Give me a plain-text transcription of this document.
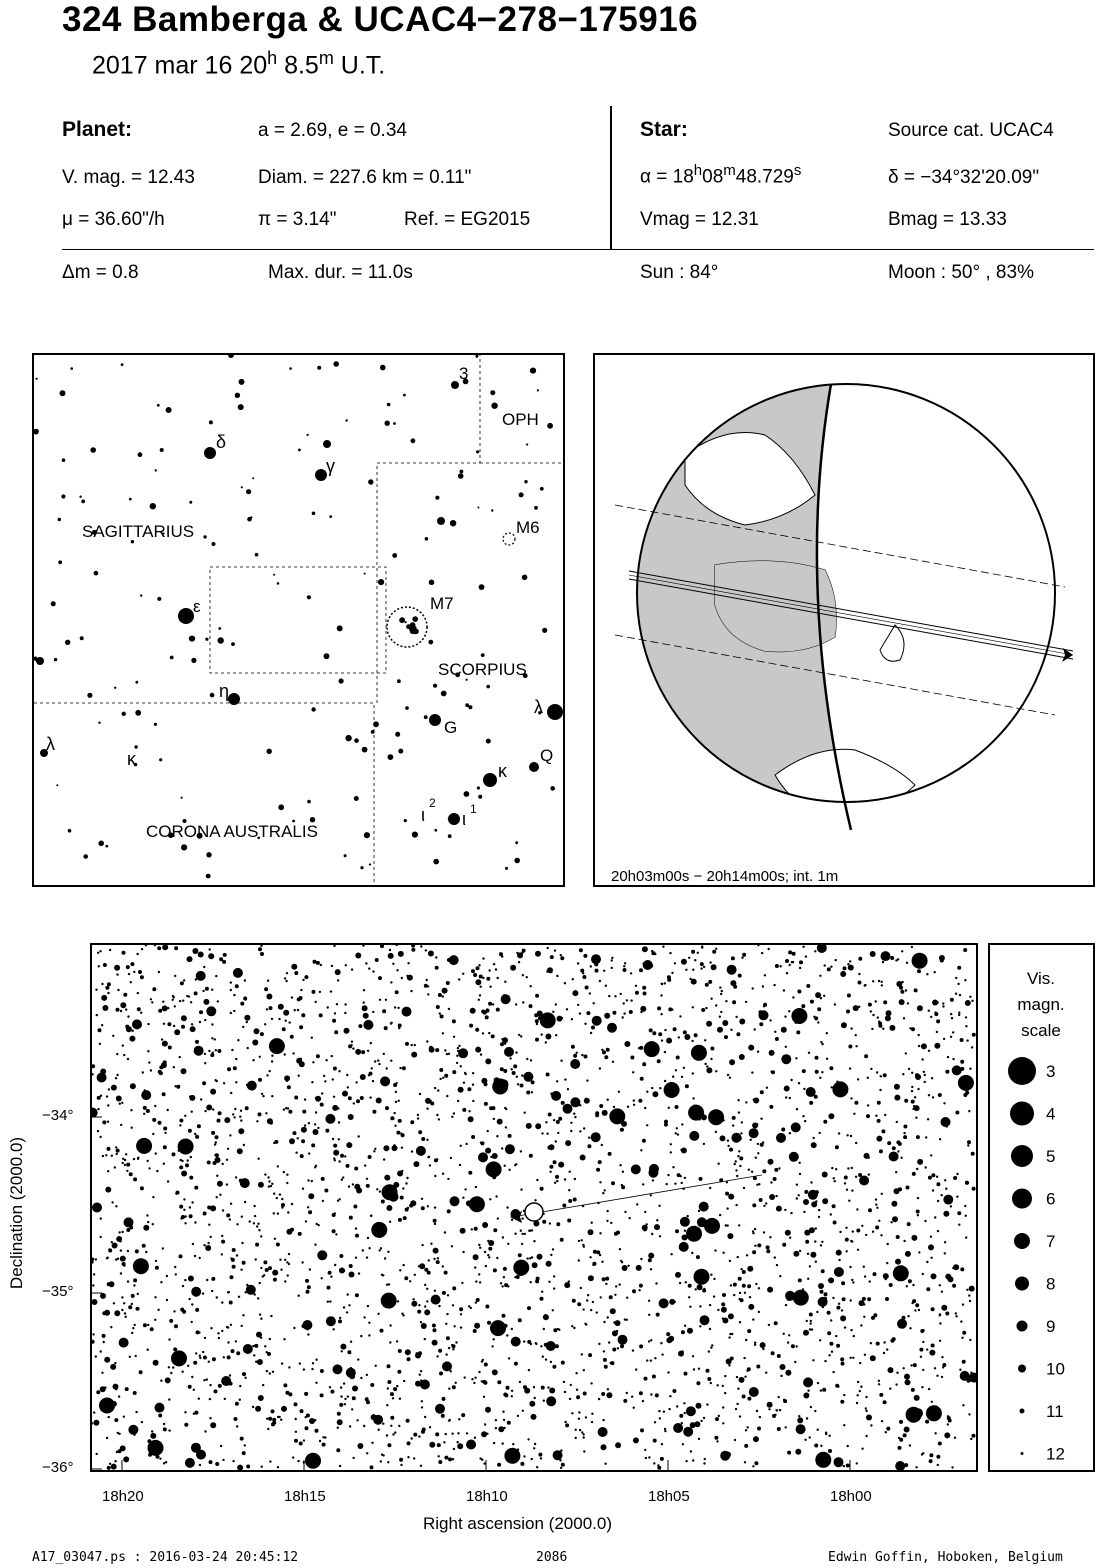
324 Bamberga & UCAC4−278−175916
2017 mar 16 20$^h$ 8.5$^m$ U.T.
Planet:	a = 2.69, e = 0.34
V. mag. = 12.43	Diam. = 227.6 km = 0.11"
μ = 36.60"/h	π = 3.14"	Ref. = EG2015
Star:	Source cat. UCAC4
$\alpha = 18^h08^m48.729^s$	δ = −34°32'20.09"
Vmag = 12.31	Bmag = 13.33
Δm = 0.8	Max. dur. = 11.0s	Sun : 84°	Moon : 50° , 83%
SAGITTARIUS
SCORPIUS
CORONA AUSTRALIS
OPH
δ
γ
ε
η
λ
κ
M7
M6
G
λ
Q
κ
ι
2
ι 1
3
20h03m00s − 20h14m00s; int. 1m
−34°
−35°
−36°
18h20	18h15	18h10	18h05	18h00
Right ascension (2000.0)
Declination (2000.0)
Vis.
magn.
scale
3
4
5
6
7
8
9
10
11
12
A17_03047.ps : 2016-03-24 20:45:12	2086	Edwin Goffin, Hoboken, Belgium
